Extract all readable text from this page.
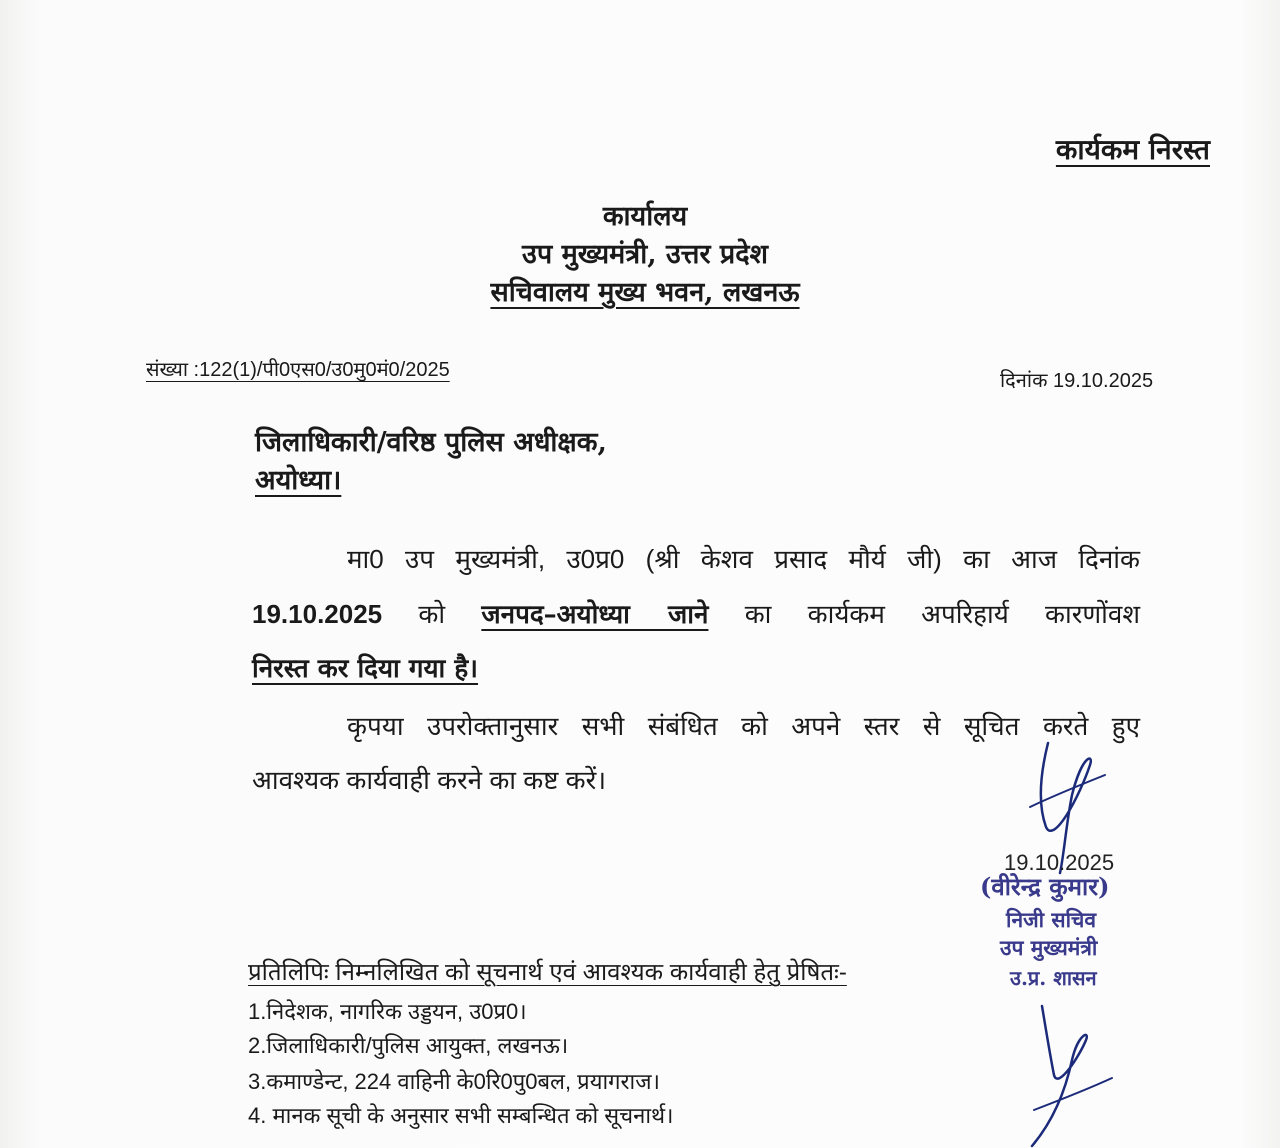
कार्यकम निरस्त
कार्यालय
उप मुख्यमंत्री, उत्तर प्रदेश
सचिवालय मुख्य भवन, लखनऊ
संख्या :122(1)/पी0एस0/उ0मु0मं0/2025	दिनांक 19.10.2025
जिलाधिकारी/वरिष्ठ पुलिस अधीक्षक,
अयोध्या।
मा0 उप मुख्यमंत्री, उ0प्र0 (श्री केशव प्रसाद मौर्य जी) का आज दिनांक
19.10.2025 को जनपद–अयोध्या जाने का कार्यकम अपरिहार्य कारणोंवश
निरस्त कर दिया गया है।
कृपया उपरोक्तानुसार सभी संबंधित को अपने स्तर से सूचित करते हुए
आवश्यक कार्यवाही करने का कष्ट करें।
19.10.2025
(वीरेन्द्र कुमार)
निजी सचिव
उप मुख्यमंत्री
उ.प्र. शासन
प्रतिलिपिः निम्नलिखित को सूचनार्थ एवं आवश्यक कार्यवाही हेतु प्रेषितः-
1.निदेशक, नागरिक उड्डयन, उ0प्र0।
2.जिलाधिकारी/पुलिस आयुक्त, लखनऊ।
3.कमाण्डेन्ट, 224 वाहिनी के0रि0पु0बल, प्रयागराज।
4. मानक सूची के अनुसार सभी सम्बन्धित को सूचनार्थ।
